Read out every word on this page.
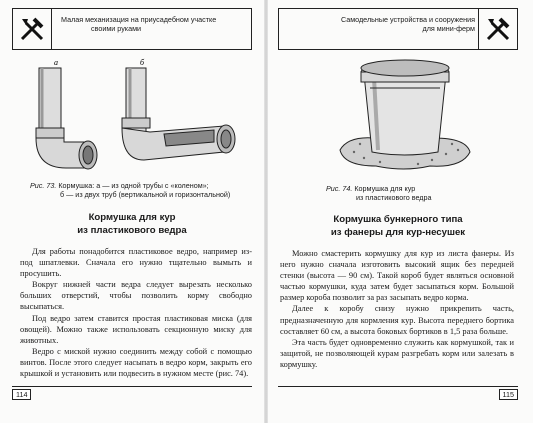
Малая механизация на приусадебном участке
своими руками
а	б
Рис. 73. Кормушка: а — из одной трубы с «коленом»;
б — из двух труб (вертикальной и горизонтальной)
Кормушка для кур
из пластикового ведра

Для работы понадобится пластиковое ведро, например из-под шпатлевки. Сначала его нужно тщательно вымыть и просушить.

Вокруг нижней части ведра следует вырезать несколько больших отверстий, чтобы позволить корму свободно высыпаться.

Под ведро затем ставится простая пластиковая миска (для овощей). Можно также использовать секционную миску для животных.

Ведро с миской нужно соединить между собой с помощью винтов. После этого следует насыпать в ведро корм, закрыть его крышкой и установить или подвесить в нужном месте (рис. 74).

114
Самодельные устройства и сооружения
для мини-ферм
Рис. 74. Кормушка для кур
из пластикового ведра
Кормушка бункерного типа
из фанеры для кур-несушек

Можно смастерить кормушку для кур из листа фанеры. Из него нужно сначала изготовить высокий ящик без передней стенки (высота — 90 см). Такой короб будет являться основной частью кормушки, куда затем будет засыпаться корм. Большой размер короба позволит за раз засыпать ведро корма.

Далее к коробу снизу нужно прикрепить часть, предназначенную для кормления кур. Высота переднего бортика составляет 60 см, а высота боковых бортиков в 1,5 раза больше.

Эта часть будет одновременно служить как кормушкой, так и защитой, не позволяющей курам разгребать корм или залезать в кормушку.

115
